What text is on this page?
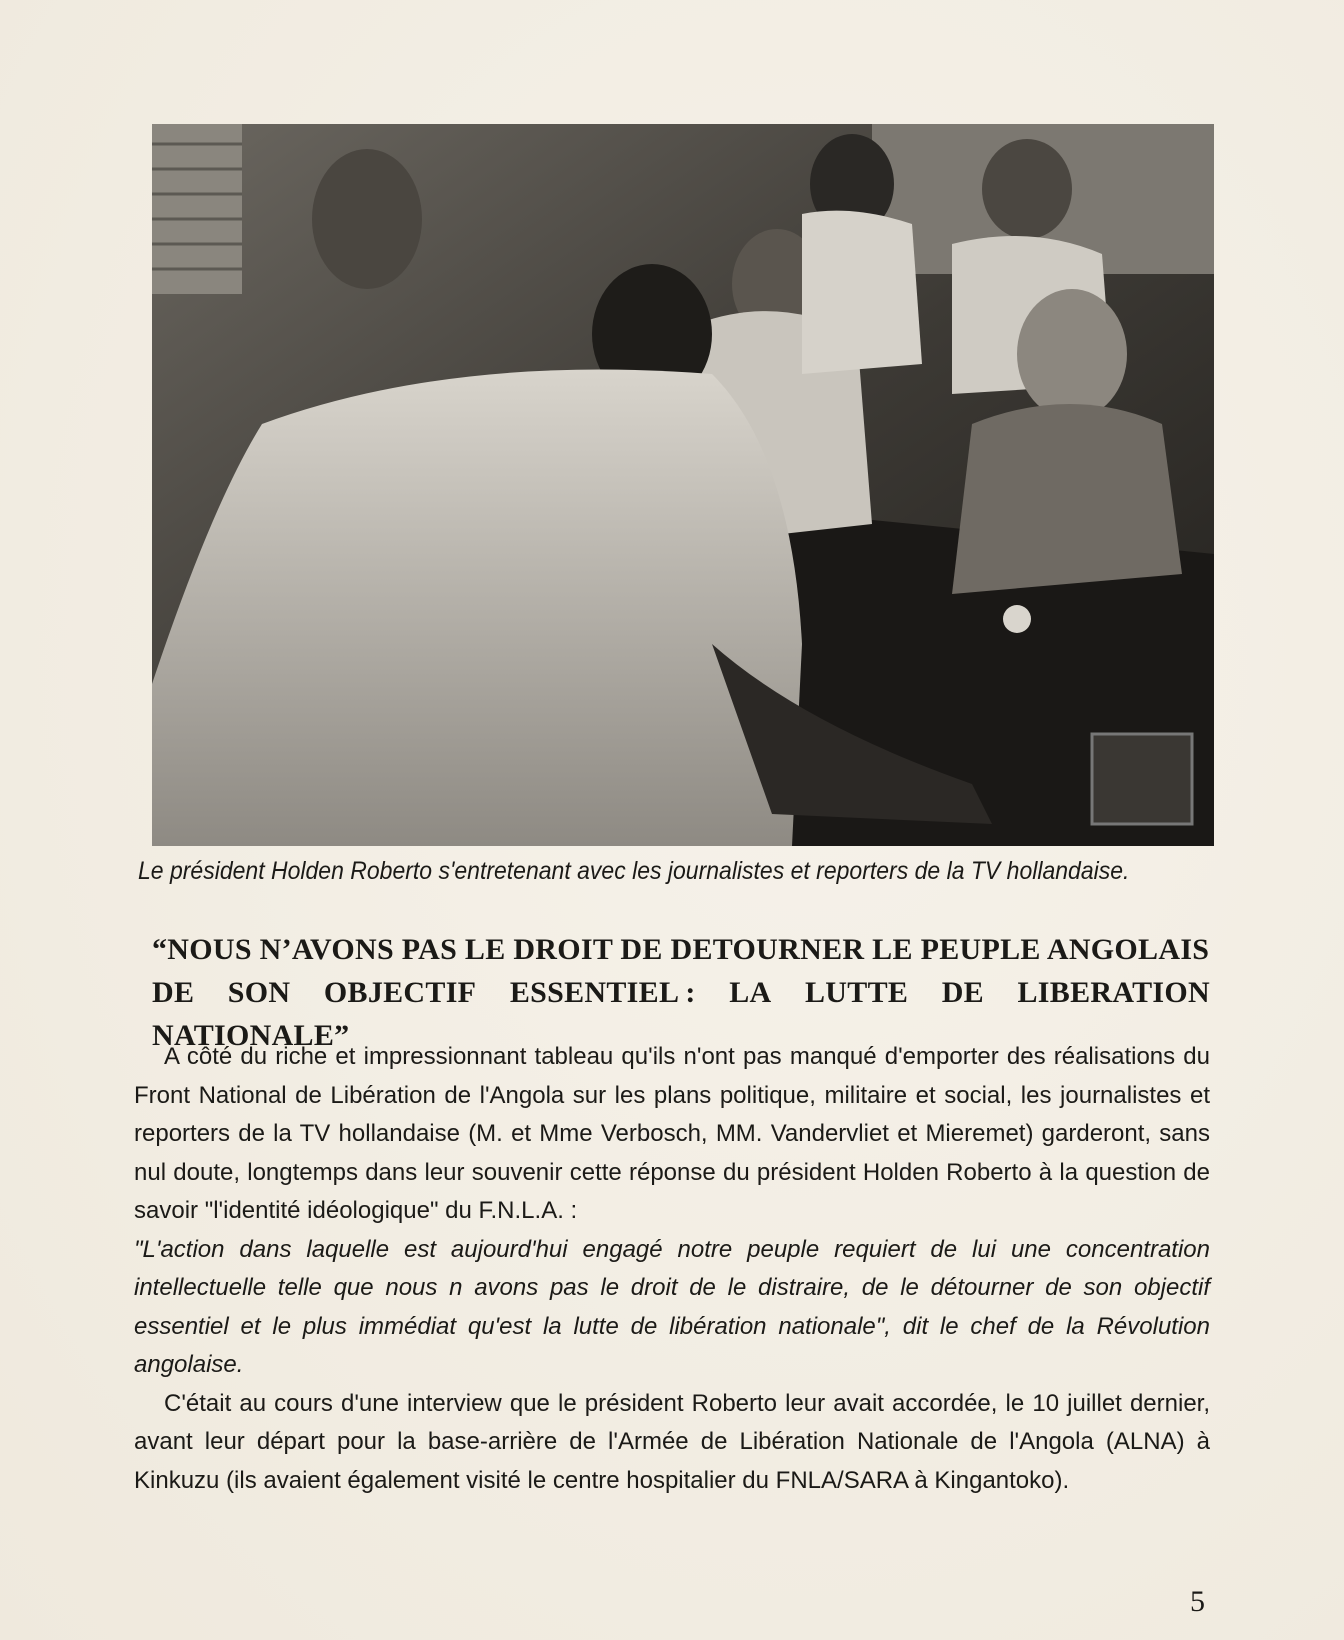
Le président Holden Roberto s'entretenant avec les journalistes et reporters de la TV hollandaise.
“NOUS N’AVONS PAS LE DROIT DE DETOURNER LE PEUPLE ANGOLAIS
DE SON OBJECTIF ESSENTIEL : LA LUTTE DE LIBERATION
NATIONALE”

A côté du riche et impressionnant tableau qu'ils n'ont pas manqué d'emporter des réalisations du Front National de Libération de l'Angola sur les plans politique, militaire et social, les journalistes et reporters de la TV hollandaise (M. et Mme Verbosch, MM. Vandervliet et Mieremet) garderont, sans nul doute, longtemps dans leur souvenir cette réponse du président Holden Roberto à la question de savoir "l'identité idéologique" du F.N.L.A. :

"L'action dans laquelle est aujourd'hui engagé notre peuple requiert de lui une concentration intellectuelle telle que nous n avons pas le droit de le distraire, de le détourner de son objectif essentiel et le plus immédiat qu'est la lutte de libération nationale", dit le chef de la Révolution angolaise.

C'était au cours d'une interview que le président Roberto leur avait accordée, le 10 juillet dernier, avant leur départ pour la base-arrière de l'Armée de Libération Nationale de l'Angola (ALNA) à Kinkuzu (ils avaient également visité le centre hospitalier du FNLA/SARA à Kingantoko).

5
